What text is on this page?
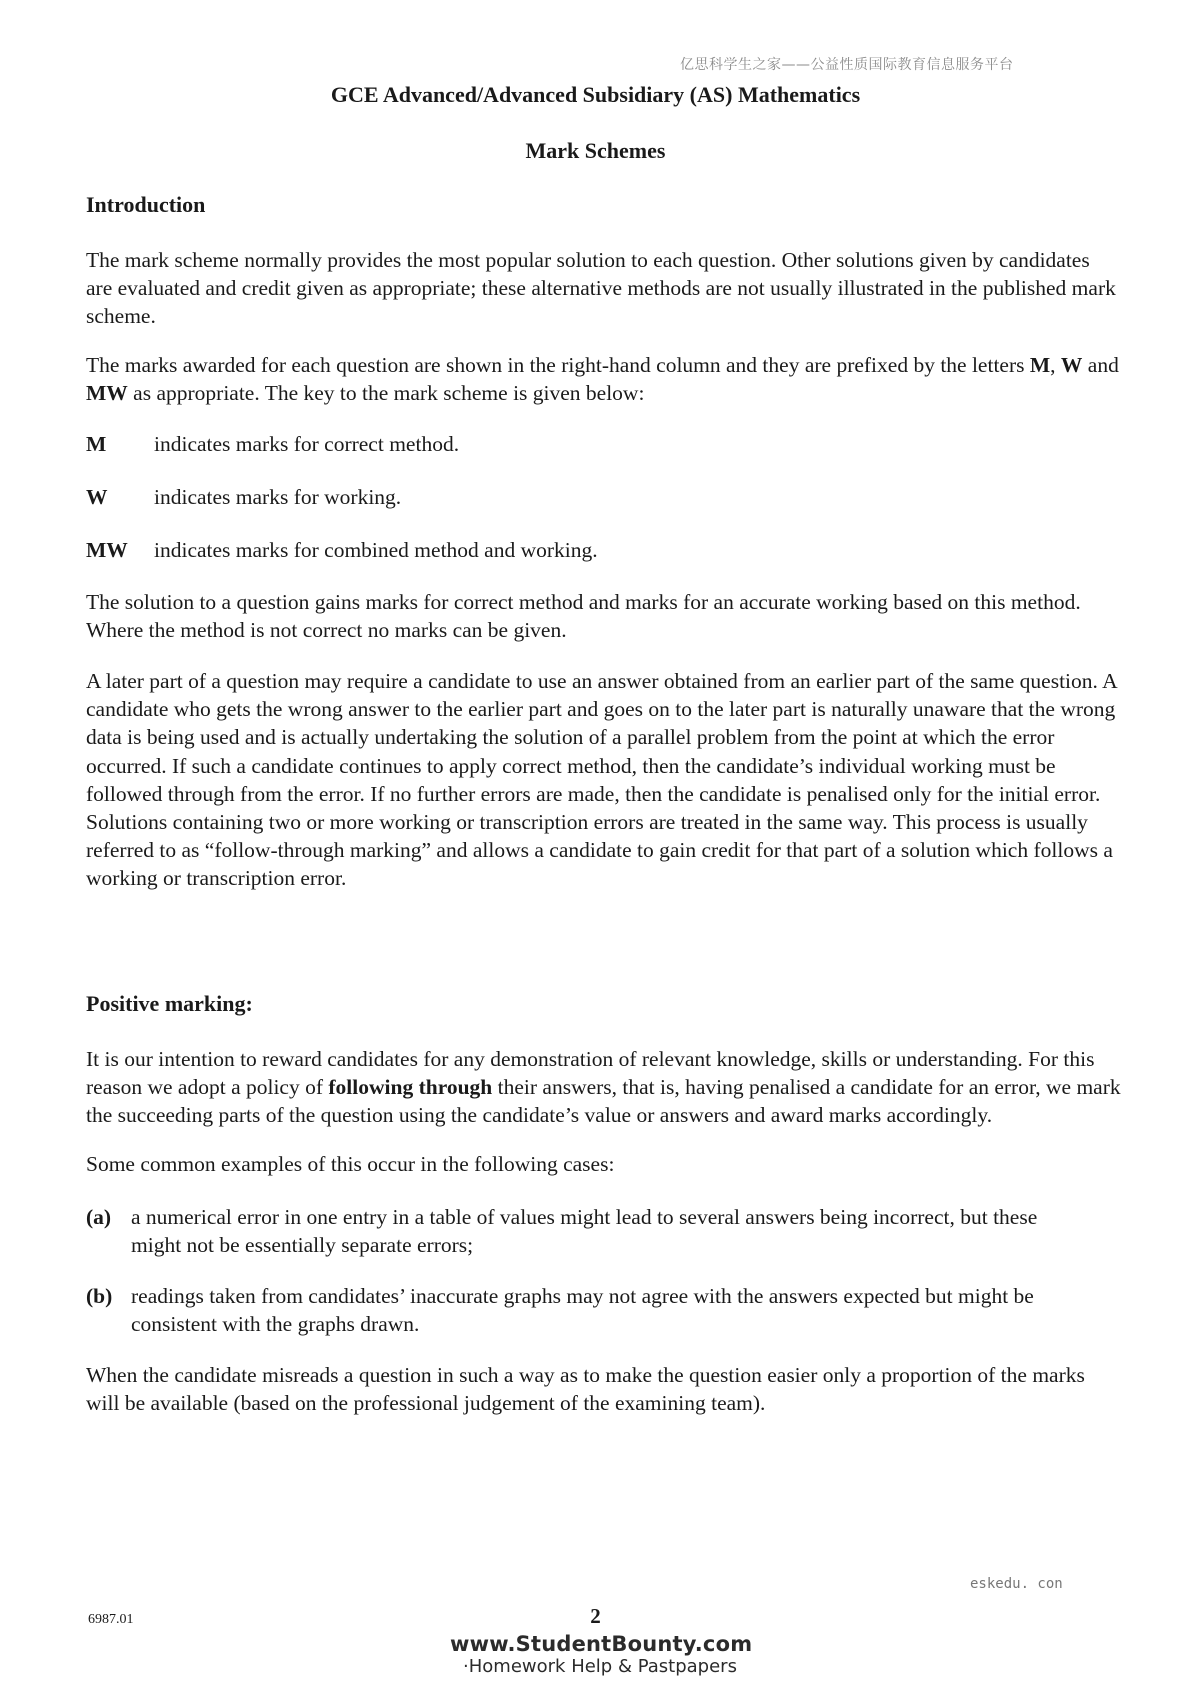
亿思科学生之家——公益性质国际教育信息服务平台
GCE Advanced/Advanced Subsidiary (AS) Mathematics
Mark Schemes
Introduction

The mark scheme normally provides the most popular solution to each question. Other solutions given by candidates are evaluated and credit given as appropriate; these alternative methods are not usually illustrated in the published mark scheme.

The marks awarded for each question are shown in the right-hand column and they are prefixed by the letters M, W and MW as appropriate. The key to the mark scheme is given below:

M indicates marks for correct method.
W indicates marks for working.
MW indicates marks for combined method and working.

The solution to a question gains marks for correct method and marks for an accurate working based on this method. Where the method is not correct no marks can be given.

A later part of a question may require a candidate to use an answer obtained from an earlier part of the same question. A candidate who gets the wrong answer to the earlier part and goes on to the later part is naturally unaware that the wrong data is being used and is actually undertaking the solution of a parallel problem from the point at which the error occurred. If such a candidate continues to apply correct method, then the candidate’s individual working must be followed through from the error. If no further errors are made, then the candidate is penalised only for the initial error. Solutions containing two or more working or transcription errors are treated in the same way. This process is usually referred to as “follow-through marking” and allows a candidate to gain credit for that part of a solution which follows a working or transcription error.

Positive marking:

It is our intention to reward candidates for any demonstration of relevant knowledge, skills or understanding. For this reason we adopt a policy of following through their answers, that is, having penalised a candidate for an error, we mark the succeeding parts of the question using the candidate’s value or answers and award marks accordingly.

Some common examples of this occur in the following cases:

(a) a numerical error in one entry in a table of values might lead to several answers being incorrect, but these might not be essentially separate errors;
(b) readings taken from candidates’ inaccurate graphs may not agree with the answers expected but might be consistent with the graphs drawn.

When the candidate misreads a question in such a way as to make the question easier only a proportion of the marks will be available (based on the professional judgement of the examining team).

eskedu. con
6987.01	2
www.StudentBounty.com
·Homework Help & Pastpapers
